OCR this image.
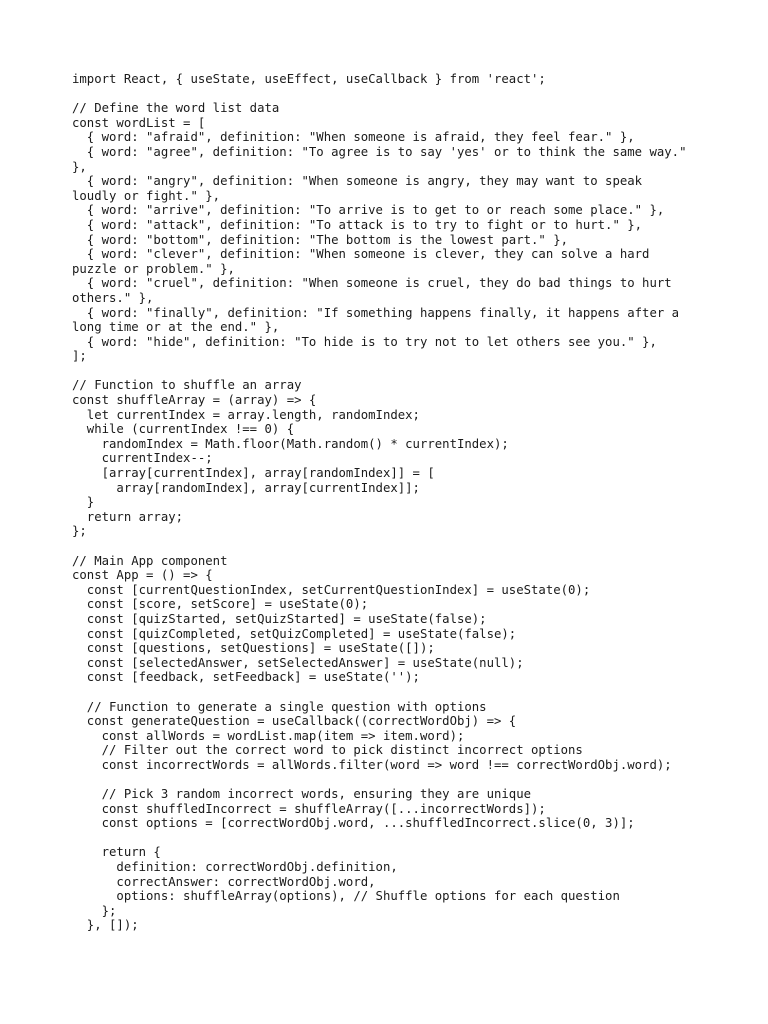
import React, { useState, useEffect, useCallback } from 'react';
// Define the word list data
const wordList = [
{ word: "afraid", definition: "When someone is afraid, they feel fear." },
{ word: "agree", definition: "To agree is to say 'yes' or to think the same way."
},
{ word: "angry", definition: "When someone is angry, they may want to speak
loudly or fight." },
{ word: "arrive", definition: "To arrive is to get to or reach some place." },
{ word: "attack", definition: "To attack is to try to fight or to hurt." },
{ word: "bottom", definition: "The bottom is the lowest part." },
{ word: "clever", definition: "When someone is clever, they can solve a hard
puzzle or problem." },
{ word: "cruel", definition: "When someone is cruel, they do bad things to hurt
others." },
{ word: "finally", definition: "If something happens finally, it happens after a
long time or at the end." },
{ word: "hide", definition: "To hide is to try not to let others see you." },
];
// Function to shuffle an array
const shuffleArray = (array) => {
let currentIndex = array.length, randomIndex;
while (currentIndex !== 0) {
randomIndex = Math.floor(Math.random() * currentIndex);
currentIndex--;
[array[currentIndex], array[randomIndex]] = [
array[randomIndex], array[currentIndex]];
}
return array;
};
// Main App component
const App = () => {
const [currentQuestionIndex, setCurrentQuestionIndex] = useState(0);
const [score, setScore] = useState(0);
const [quizStarted, setQuizStarted] = useState(false);
const [quizCompleted, setQuizCompleted] = useState(false);
const [questions, setQuestions] = useState([]);
const [selectedAnswer, setSelectedAnswer] = useState(null);
const [feedback, setFeedback] = useState('');
// Function to generate a single question with options
const generateQuestion = useCallback((correctWordObj) => {
const allWords = wordList.map(item => item.word);
// Filter out the correct word to pick distinct incorrect options
const incorrectWords = allWords.filter(word => word !== correctWordObj.word);
// Pick 3 random incorrect words, ensuring they are unique
const shuffledIncorrect = shuffleArray([...incorrectWords]);
const options = [correctWordObj.word, ...shuffledIncorrect.slice(0, 3)];
return {
definition: correctWordObj.definition,
correctAnswer: correctWordObj.word,
options: shuffleArray(options), // Shuffle options for each question
};
}, []);
